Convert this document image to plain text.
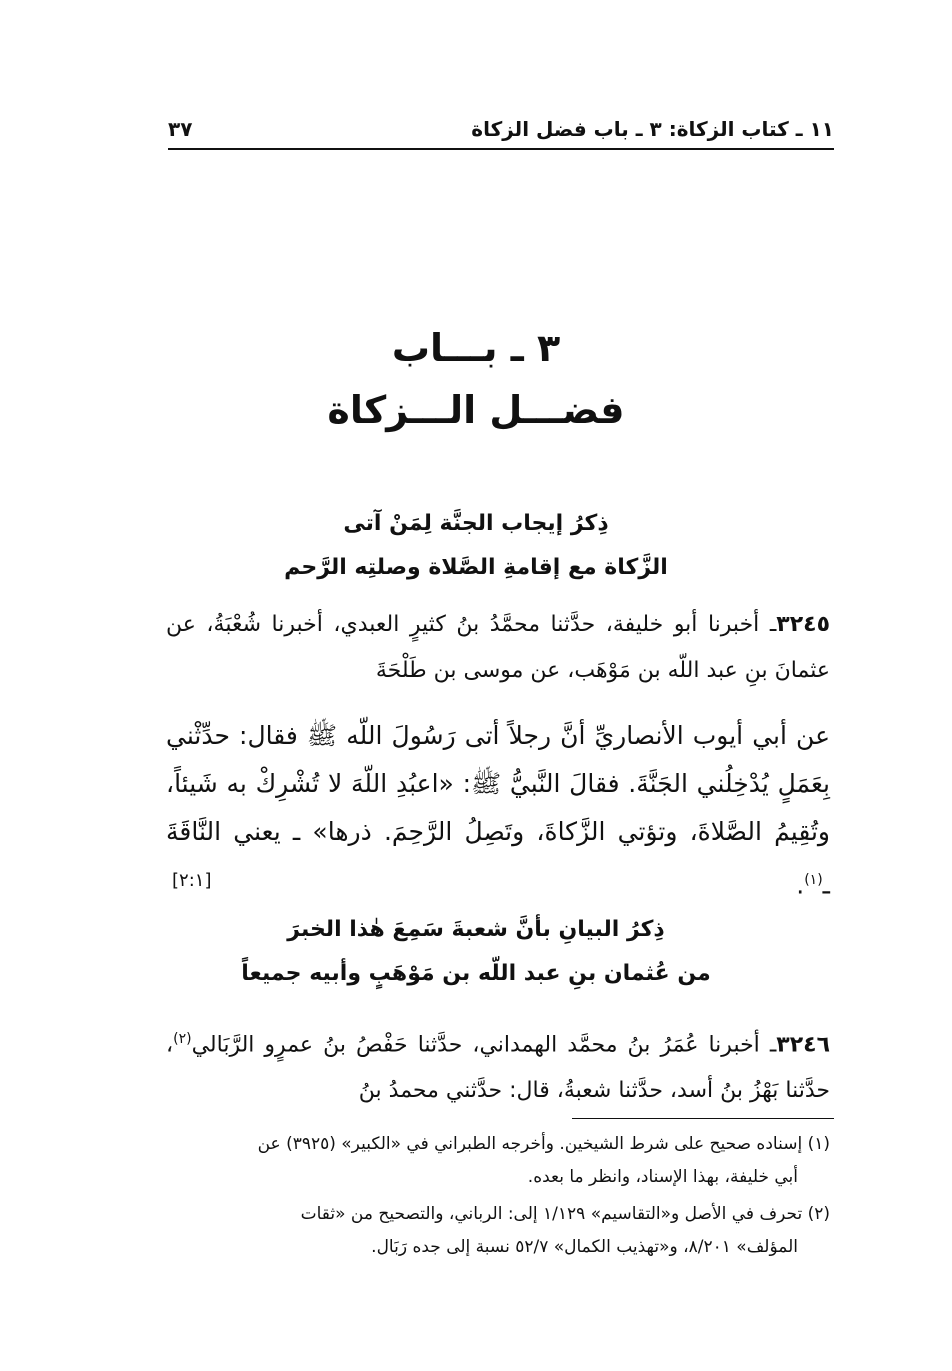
١١ ـ كتاب الزكاة: ٣ ـ باب فضل الزكاة
٣٧
٣ ـ بـــاب
فضـــل الـــزكاة
ذِكرُ إيجاب الجنَّة لِمَنْ آتى
الزَّكاة مع إقامةِ الصَّلاة وصلتِه الرَّحم
٣٢٤٥ـ أخبرنا أبو خليفة، حدَّثنا محمَّدُ بنُ كثيرٍ العبدي، أخبرنا شُعْبَةُ، عن عثمانَ بنِ عبد اللّه بن مَوْهَب، عن موسى بن طَلْحَةَ
عن أبي أيوب الأنصاريِّ أنَّ رجلاً أتى رَسُولَ اللّه ﷺ فقال: حدِّثْني بِعَمَلٍ يُدْخِلُني الجَنَّةَ. فقالَ النَّبيُّ ﷺ: «اعبُدِ اللّهَ لا تُشْرِكْ به شَيئاً، وتُقِيمُ الصَّلاةَ، وتؤتي الزَّكاةَ، وتَصِلُ الرَّحِمَ. ذرها» ـ يعني النَّاقَةَ ـ$^{(١)}$.
[٢:١]
ذِكرُ البيانِ بأنَّ شعبةَ سَمِعَ هٰذا الخبرَ
من عُثمان بنِ عبد اللّه بن مَوْهَبٍ وأبيه جميعاً
٣٢٤٦ـ أخبرنا عُمَرُ بنُ محمَّد الهمداني، حدَّثنا حَفْصُ بنُ عمرٍو الرَّبَالي$^{(٢)}$، حدَّثنا بَهْزُ بنُ أسد، حدَّثنا شعبةُ، قال: حدَّثني محمدُ بنُ
(١) إسناده صحيح على شرط الشيخين. وأخرجه الطبراني في «الكبير» (٣٩٢٥) عن
أبي خليفة، بهذا الإسناد، وانظر ما بعده.
(٢) تحرف في الأصل و«التقاسيم» ١/١٢٩ إلى: الرباني، والتصحيح من «ثقات
المؤلف» ٨/٢٠١، و«تهذيب الكمال» ٥٢/٧ نسبة إلى جده رَبَال.
